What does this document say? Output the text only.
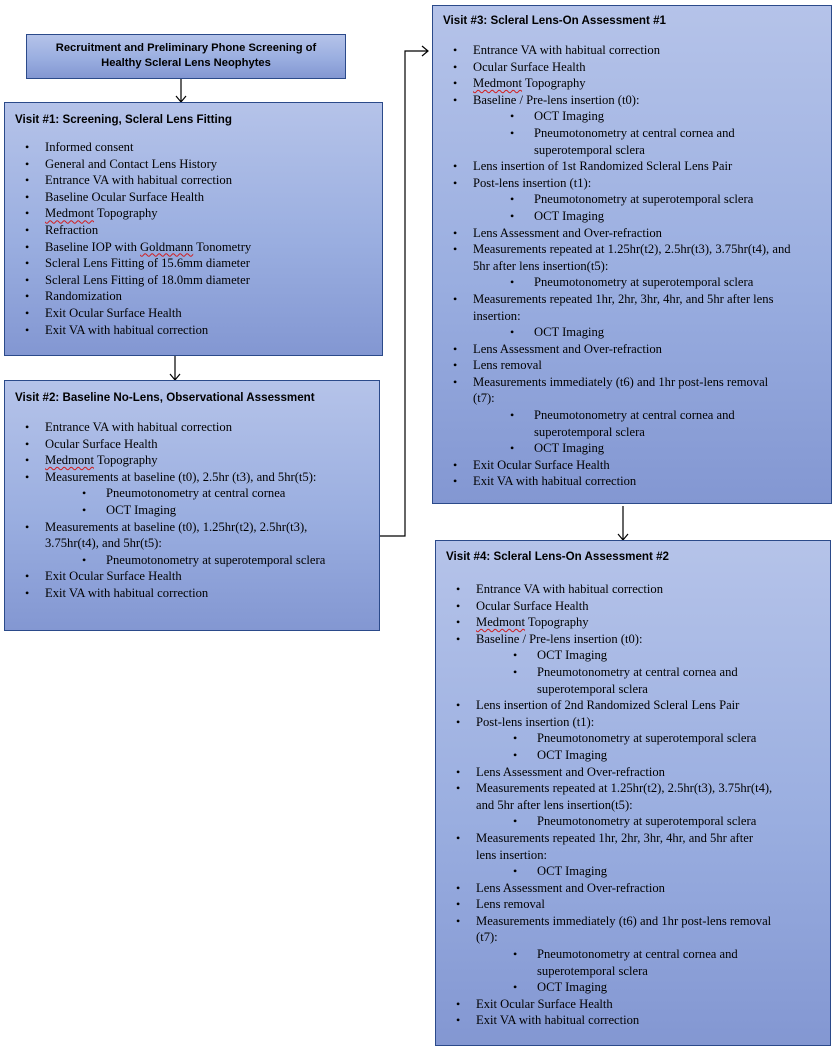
Recruitment and Preliminary Phone Screening of
Healthy Scleral Lens Neophytes
Visit #1: Screening, Scleral Lens Fitting
• Informed consent
• General and Contact Lens History
• Entrance VA with habitual correction
• Baseline Ocular Surface Health
• Medmont Topography
• Refraction
• Baseline IOP with Goldmann Tonometry
• Scleral Lens Fitting of 15.6mm diameter
• Scleral Lens Fitting of 18.0mm diameter
• Randomization
• Exit Ocular Surface Health
• Exit VA with habitual correction
Visit #2: Baseline No-Lens, Observational Assessment
• Entrance VA with habitual correction
• Ocular Surface Health
• Medmont Topography
• Measurements at baseline (t0), 2.5hr (t3), and 5hr(t5):
• Pneumotonometry at central cornea
• OCT Imaging
• Measurements at baseline (t0), 1.25hr(t2), 2.5hr(t3),
3.75hr(t4), and 5hr(t5):
• Pneumotonometry at superotemporal sclera
• Exit Ocular Surface Health
• Exit VA with habitual correction
Visit #3: Scleral Lens-On Assessment #1
• Entrance VA with habitual correction
• Ocular Surface Health
• Medmont Topography
• Baseline / Pre-lens insertion (t0):
• OCT Imaging
• Pneumotonometry at central cornea and
superotemporal sclera
• Lens insertion of 1st Randomized Scleral Lens Pair
• Post-lens insertion (t1):
• Pneumotonometry at superotemporal sclera
• OCT Imaging
• Lens Assessment and Over-refraction
• Measurements repeated at 1.25hr(t2), 2.5hr(t3), 3.75hr(t4), and
5hr after lens insertion(t5):
• Pneumotonometry at superotemporal sclera
• Measurements repeated 1hr, 2hr, 3hr, 4hr, and 5hr after lens
insertion:
• OCT Imaging
• Lens Assessment and Over-refraction
• Lens removal
• Measurements immediately (t6) and 1hr post-lens removal
(t7):
• Pneumotonometry at central cornea and
superotemporal sclera
• OCT Imaging
• Exit Ocular Surface Health
• Exit VA with habitual correction
Visit #4: Scleral Lens-On Assessment #2
• Entrance VA with habitual correction
• Ocular Surface Health
• Medmont Topography
• Baseline / Pre-lens insertion (t0):
• OCT Imaging
• Pneumotonometry at central cornea and
superotemporal sclera
• Lens insertion of 2nd Randomized Scleral Lens Pair
• Post-lens insertion (t1):
• Pneumotonometry at superotemporal sclera
• OCT Imaging
• Lens Assessment and Over-refraction
• Measurements repeated at 1.25hr(t2), 2.5hr(t3), 3.75hr(t4),
and 5hr after lens insertion(t5):
• Pneumotonometry at superotemporal sclera
• Measurements repeated 1hr, 2hr, 3hr, 4hr, and 5hr after
lens insertion:
• OCT Imaging
• Lens Assessment and Over-refraction
• Lens removal
• Measurements immediately (t6) and 1hr post-lens removal
(t7):
• Pneumotonometry at central cornea and
superotemporal sclera
• OCT Imaging
• Exit Ocular Surface Health
• Exit VA with habitual correction
